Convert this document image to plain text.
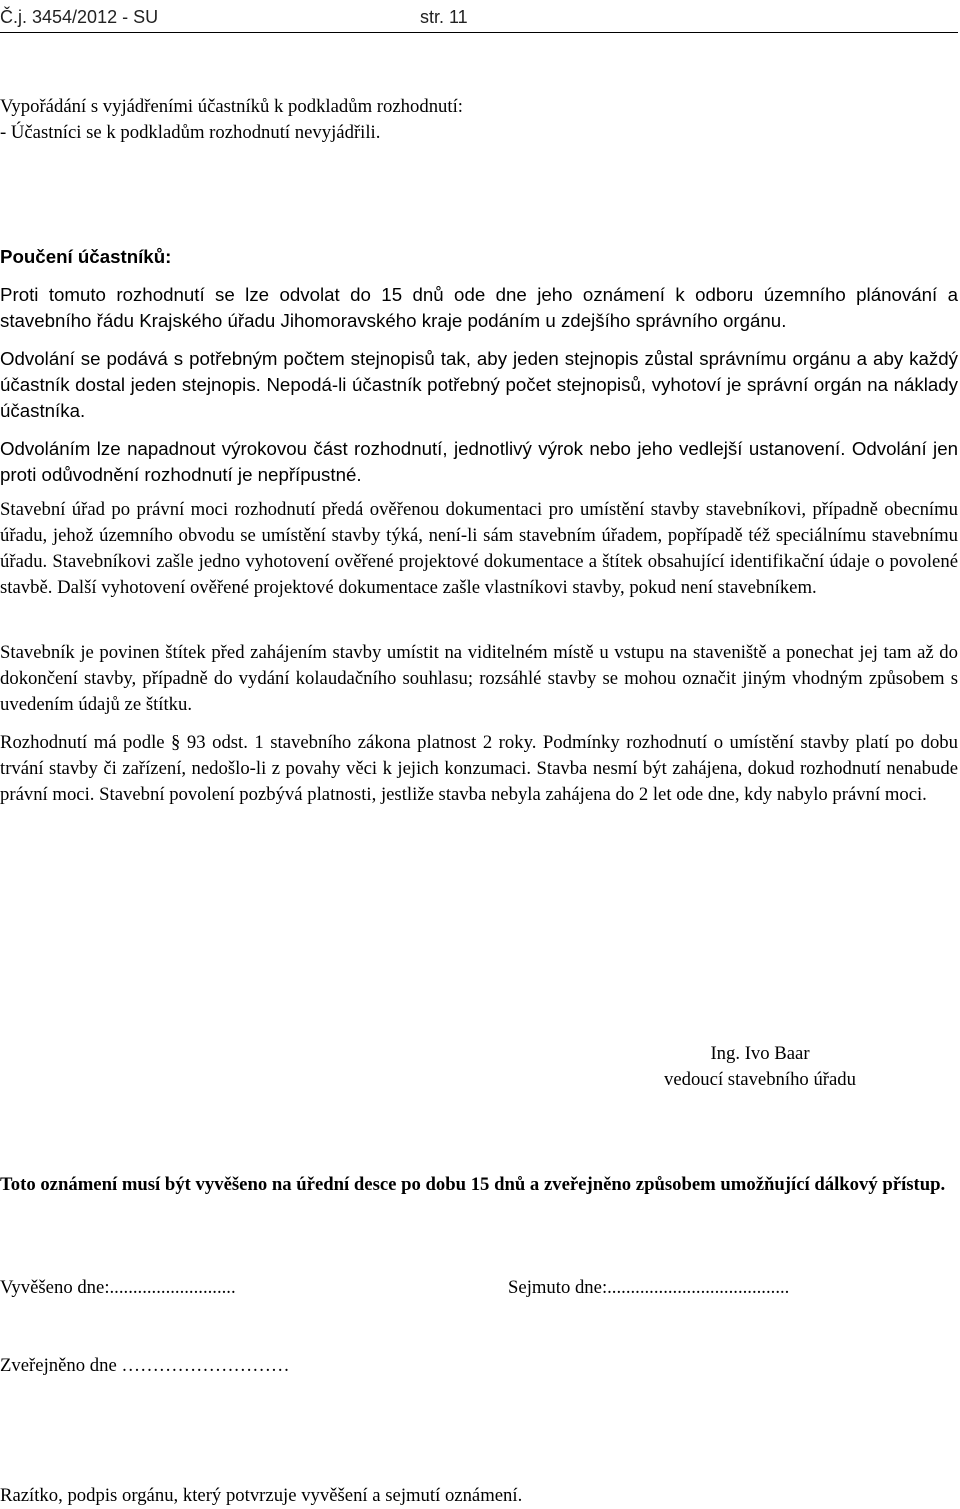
Č.j. 3454/2012 - SU	str. 11

Vypořádání s vyjádřeními účastníků k podkladům rozhodnutí:

- Účastníci se k podkladům rozhodnutí nevyjádřili.

Poučení účastníků:

Proti tomuto rozhodnutí se lze odvolat do 15 dnů ode dne jeho oznámení k odboru územního plánování a stavebního řádu Krajského úřadu Jihomoravského kraje podáním u zdejšího správního orgánu.

Odvolání se podává s potřebným počtem stejnopisů tak, aby jeden stejnopis zůstal správnímu orgánu a aby každý účastník dostal jeden stejnopis. Nepodá-li účastník potřebný počet stejnopisů, vyhotoví je správní orgán na náklady účastníka.

Odvoláním lze napadnout výrokovou část rozhodnutí, jednotlivý výrok nebo jeho vedlejší ustanovení. Odvolání jen proti odůvodnění rozhodnutí je nepřípustné.

Stavební úřad po právní moci rozhodnutí předá ověřenou dokumentaci pro umístění stavby stavebníkovi, případně obecnímu úřadu, jehož územního obvodu se umístění stavby týká, není-li sám stavebním úřadem, popřípadě též speciálnímu stavebnímu úřadu. Stavebníkovi zašle jedno vyhotovení ověřené projektové dokumentace a štítek obsahující identifikační údaje o povolené stavbě. Další vyhotovení ověřené projektové dokumentace zašle vlastníkovi stavby, pokud není stavebníkem.

Stavebník je povinen štítek před zahájením stavby umístit na viditelném místě u vstupu na staveniště a ponechat jej tam až do dokončení stavby, případně do vydání kolaudačního souhlasu; rozsáhlé stavby se mohou označit jiným vhodným způsobem s uvedením údajů ze štítku.

Rozhodnutí má podle § 93 odst. 1 stavebního zákona platnost 2 roky. Podmínky rozhodnutí o umístění stavby platí po dobu trvání stavby či zařízení, nedošlo-li z povahy věci k jejich konzumaci. Stavba nesmí být zahájena, dokud rozhodnutí nenabude právní moci. Stavební povolení pozbývá platnosti, jestliže stavba nebyla zahájena do 2 let ode dne, kdy nabylo právní moci.

Ing. Ivo Baar

vedoucí stavebního úřadu

Toto oznámení musí být vyvěšeno na úřední desce po dobu 15 dnů a zveřejněno způsobem umožňující dálkový přístup.

Vyvěšeno dne:...........................	Sejmuto dne:.......................................
Zveřejněno dne ………………………
Razítko, podpis orgánu, který potvrzuje vyvěšení a sejmutí oznámení.
